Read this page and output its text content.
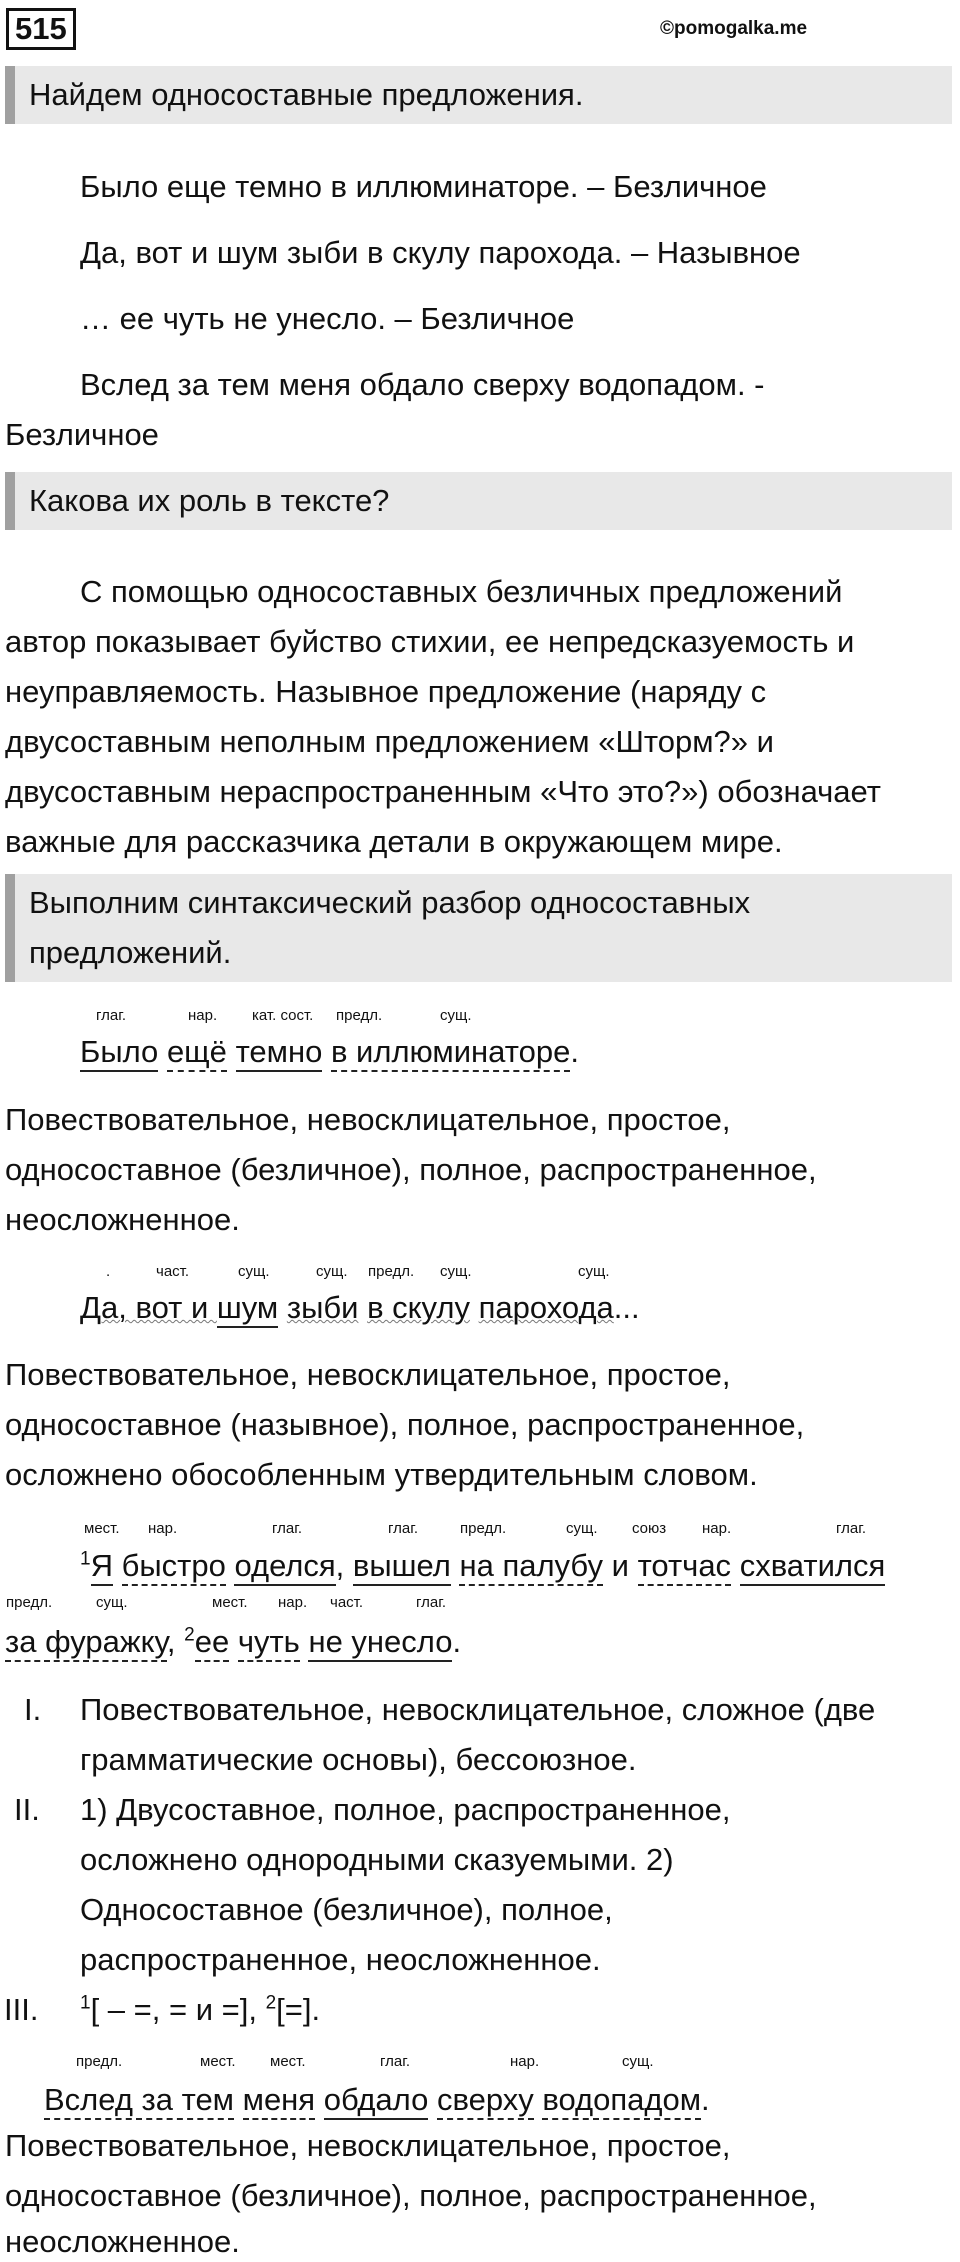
515	©pomogalka.me
Найдем односоставные предложения.
Было еще темно в иллюминаторе. – Безличное
Да, вот и шум зыби в скулу парохода. – Назывное
… ее чуть не унесло. – Безличное
Вслед за тем меня обдало сверху водопадом. -
Безличное
Какова их роль в тексте?
С помощью односоставных безличных предложений
автор показывает буйство стихии, ее непредсказуемость и
неуправляемость. Назывное предложение (наряду с
двусоставным неполным предложением «Шторм?» и
двусоставным нераспространенным «Что это?») обозначает
важные для рассказчика детали в окружающем мире.
Выполним синтаксический разбор односоставных
предложений.
глаг.	нар. кат. сост. предл.	сущ.
Было ещё темно в иллюминаторе.
Повествовательное, невосклицательное, простое,
односоставное (безличное), полное, распространенное,
неосложненное.
.	част.	сущ.	сущ. предл. сущ.	сущ.
Да, вот и шум зыби в скулу парохода...
Повествовательное, невосклицательное, простое,
односоставное (назывное), полное, распространенное,
осложнено обособленным утвердительным словом.
мест. нар.	глаг.	глаг.	предл.	сущ. союз нар.	глаг.
$^1$Я быстро оделся, вышел на палубу и тотчас схватился
предл.	сущ.	мест. нар. част.	глаг.
за фуражку, $^2$ее чуть не унесло.
I. Повествовательное, невосклицательное, сложное (две
грамматические основы), бессоюзное.
II. 1) Двусоставное, полное, распространенное,
осложнено однородными сказуемыми. 2)
Односоставное (безличное), полное,
распространенное, неосложненное.
III. $^1$[ – =, = и =], $^2$[=].
предл.	мест. мест.	глаг.	нар.	сущ.
Вслед за тем меня обдало сверху водопадом.
Повествовательное, невосклицательное, простое,
односоставное (безличное), полное, распространенное,
неосложненное.
